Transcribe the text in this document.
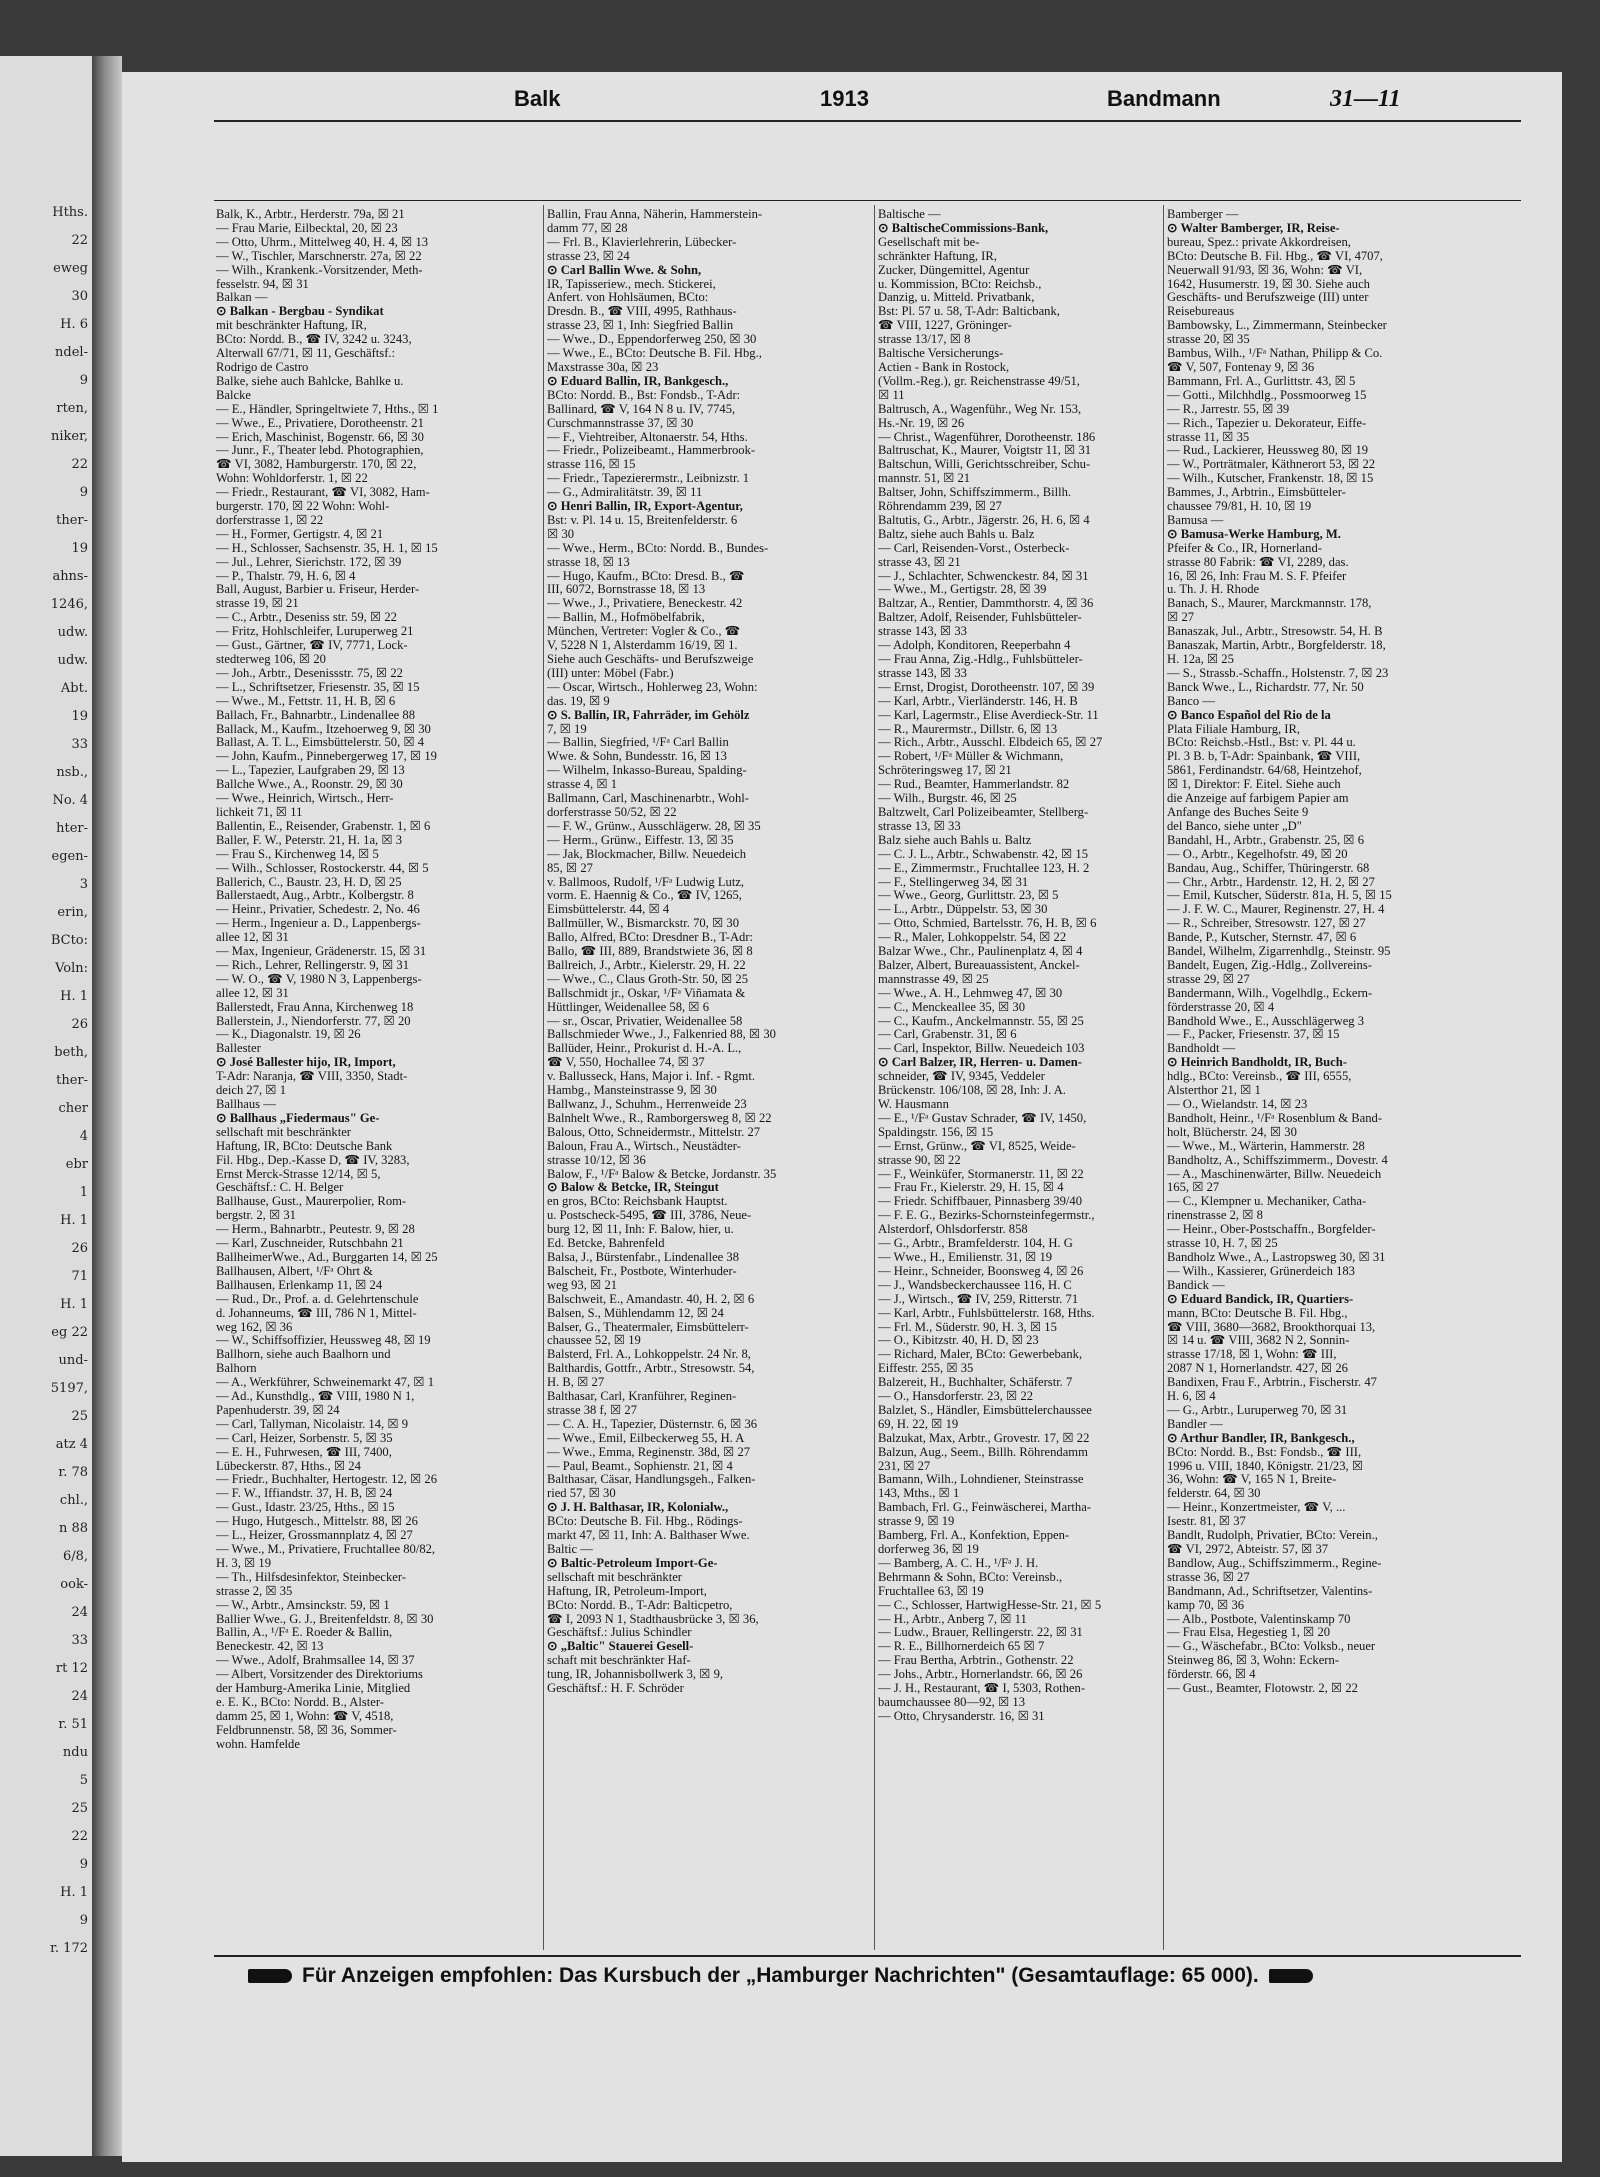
Hths.
22
eweg
30
H. 6
ndel-
9
rten,
niker,
22
9
ther-
19
ahns-
1246,
udw.
udw.
Abt.
19
33
nsb.,
No. 4
hter-
egen-
3
erin,
BCto:
Voln:
H. 1
26
beth,
ther-
cher
4
ebr
1
H. 1
26
71
H. 1
eg 22
und-
5197,
25
atz 4
r. 78
chl.,
n 88
6/8,
ook-
24
33
rt 12
24
r. 51
ndu
5
25
22
9
H. 1
9
r. 172
Balk	1913	Bandmann	31—11
Balk, K., Arbtr., Herderstr. 79a, ☒ 21
— Frau Marie, Eilbecktal, 20, ☒ 23
— Otto, Uhrm., Mittelweg 40, H. 4, ☒ 13
— W., Tischler, Marschnerstr. 27a, ☒ 22
— Wilh., Krankenk.-Vorsitzender, Meth-
fesselstr. 94, ☒ 31
Balkan —
⊙ Balkan - Bergbau - Syndikat
mit beschränkter Haftung, IR,
BCto: Nordd. B., ☎ IV, 3242 u. 3243,
Alterwall 67/71, ☒ 11, Geschäftsf.:
Rodrigo de Castro
Balke, siehe auch Bahlcke, Bahlke u.
Balcke
— E., Händler, Springeltwiete 7, Hths., ☒ 1
— Wwe., E., Privatiere, Dorotheenstr. 21
— Erich, Maschinist, Bogenstr. 66, ☒ 30
— Junr., F., Theater lebd. Photographien,
☎ VI, 3082, Hamburgerstr. 170, ☒ 22,
Wohn: Wohldorferstr. 1, ☒ 22
— Friedr., Restaurant, ☎ VI, 3082, Ham-
burgerstr. 170, ☒ 22 Wohn: Wohl-
dorferstrasse 1, ☒ 22
— H., Former, Gertigstr. 4, ☒ 21
— H., Schlosser, Sachsenstr. 35, H. 1, ☒ 15
— Jul., Lehrer, Sierichstr. 172, ☒ 39
— P., Thalstr. 79, H. 6, ☒ 4
Ball, August, Barbier u. Friseur, Herder-
strasse 19, ☒ 21
— C., Arbtr., Deseniss str. 59, ☒ 22
— Fritz, Hohlschleifer, Luruperweg 21
— Gust., Gärtner, ☎ IV, 7771, Lock-
stedterweg 106, ☒ 20
— Joh., Arbtr., Desenissstr. 75, ☒ 22
— L., Schriftsetzer, Friesenstr. 35, ☒ 15
— Wwe., M., Fettstr. 11, H. B, ☒ 6
Ballach, Fr., Bahnarbtr., Lindenallee 88
Ballack, M., Kaufm., Itzehoerweg 9, ☒ 30
Ballast, A. T. L., Eimsbüttelerstr. 50, ☒ 4
— John, Kaufm., Pinnebergerweg 17, ☒ 19
— L., Tapezier, Laufgraben 29, ☒ 13
Ballche Wwe., A., Roonstr. 29, ☒ 30
— Wwe., Heinrich, Wirtsch., Herr-
lichkeit 71, ☒ 11
Ballentin, E., Reisender, Grabenstr. 1, ☒ 6
Baller, F. W., Peterstr. 21, H. 1a, ☒ 3
— Frau S., Kirchenweg 14, ☒ 5
— Wilh., Schlosser, Rostockerstr. 44, ☒ 5
Ballerich, C., Baustr. 23, H. D, ☒ 25
Ballerstaedt, Aug., Arbtr., Kolbergstr. 8
— Heinr., Privatier, Schedestr. 2, No. 46
— Herm., Ingenieur a. D., Lappenbergs-
allee 12, ☒ 31
— Max, Ingenieur, Grädenerstr. 15, ☒ 31
— Rich., Lehrer, Rellingerstr. 9, ☒ 31
— W. O., ☎ V, 1980 N 3, Lappenbergs-
allee 12, ☒ 31
Ballerstedt, Frau Anna, Kirchenweg 18
Ballerstein, J., Niendorferstr. 77, ☒ 20
— K., Diagonalstr. 19, ☒ 26
Ballester
⊙ José Ballester hijo, IR, Import,
T-Adr: Naranja, ☎ VIII, 3350, Stadt-
deich 27, ☒ 1
Ballhaus —
⊙ Ballhaus „Fiedermaus" Ge-
sellschaft mit beschränkter
Haftung, IR, BCto: Deutsche Bank
Fil. Hbg., Dep.-Kasse D, ☎ IV, 3283,
Ernst Merck-Strasse 12/14, ☒ 5,
Geschäftsf.: C. H. Belger
Ballhause, Gust., Maurerpolier, Rom-
bergstr. 2, ☒ 31
— Herm., Bahnarbtr., Peutestr. 9, ☒ 28
— Karl, Zuschneider, Rutschbahn 21
BallheimerWwe., Ad., Burggarten 14, ☒ 25
Ballhausen, Albert, ¹/Fᵃ Ohrt &
Ballhausen, Erlenkamp 11, ☒ 24
— Rud., Dr., Prof. a. d. Gelehrtenschule
d. Johanneums, ☎ III, 786 N 1, Mittel-
weg 162, ☒ 36
— W., Schiffsoffizier, Heussweg 48, ☒ 19
Ballhorn, siehe auch Baalhorn und
Balhorn
— A., Werkführer, Schweinemarkt 47, ☒ 1
— Ad., Kunsthdlg., ☎ VIII, 1980 N 1,
Papenhuderstr. 39, ☒ 24
— Carl, Tallyman, Nicolaistr. 14, ☒ 9
— Carl, Heizer, Sorbenstr. 5, ☒ 35
— E. H., Fuhrwesen, ☎ III, 7400,
Lübeckerstr. 87, Hths., ☒ 24
— Friedr., Buchhalter, Hertogestr. 12, ☒ 26
— F. W., Iffiandstr. 37, H. B, ☒ 24
— Gust., Idastr. 23/25, Hths., ☒ 15
— Hugo, Hutgesch., Mittelstr. 88, ☒ 26
— L., Heizer, Grossmannplatz 4, ☒ 27
— Wwe., M., Privatiere, Fruchtallee 80/82,
H. 3, ☒ 19
— Th., Hilfsdesinfektor, Steinbecker-
strasse 2, ☒ 35
— W., Arbtr., Amsinckstr. 59, ☒ 1
Ballier Wwe., G. J., Breitenfeldstr. 8, ☒ 30
Ballin, A., ¹/Fᵃ E. Roeder & Ballin,
Beneckestr. 42, ☒ 13
— Wwe., Adolf, Brahmsallee 14, ☒ 37
— Albert, Vorsitzender des Direktoriums
der Hamburg-Amerika Linie, Mitglied
e. E. K., BCto: Nordd. B., Alster-
damm 25, ☒ 1, Wohn: ☎ V, 4518,
Feldbrunnenstr. 58, ☒ 36, Sommer-
wohn. Hamfelde
Ballin, Frau Anna, Näherin, Hammerstein-
damm 77, ☒ 28
— Frl. B., Klavierlehrerin, Lübecker-
strasse 23, ☒ 24
⊙ Carl Ballin Wwe. & Sohn,
IR, Tapisseriew., mech. Stickerei,
Anfert. von Hohlsäumen, BCto:
Dresdn. B., ☎ VIII, 4995, Rathhaus-
strasse 23, ☒ 1, Inh: Siegfried Ballin
— Wwe., D., Eppendorferweg 250, ☒ 30
— Wwe., E., BCto: Deutsche B. Fil. Hbg.,
Maxstrasse 30a, ☒ 23
⊙ Eduard Ballin, IR, Bankgesch.,
BCto: Nordd. B., Bst: Fondsb., T-Adr:
Ballinard, ☎ V, 164 N 8 u. IV, 7745,
Curschmannstrasse 37, ☒ 30
— F., Viehtreiber, Altonaerstr. 54, Hths.
— Friedr., Polizeibeamt., Hammerbrook-
strasse 116, ☒ 15
— Friedr., Tapezierermstr., Leibnizstr. 1
— G., Admiralitätstr. 39, ☒ 11
⊙ Henri Ballin, IR, Export-Agentur,
Bst: v. Pl. 14 u. 15, Breitenfelderstr. 6
☒ 30
— Wwe., Herm., BCto: Nordd. B., Bundes-
strasse 18, ☒ 13
— Hugo, Kaufm., BCto: Dresd. B., ☎
III, 6072, Bornstrasse 18, ☒ 13
— Wwe., J., Privatiere, Beneckestr. 42
— Ballin, M., Hofmöbelfabrik,
München, Vertreter: Vogler & Co., ☎
V, 5228 N 1, Alsterdamm 16/19, ☒ 1.
Siehe auch Geschäfts- und Berufszweige
(III) unter: Möbel (Fabr.)
— Oscar, Wirtsch., Hohlerweg 23, Wohn:
das. 19, ☒ 9
⊙ S. Ballin, IR, Fahrräder, im Gehölz
7, ☒ 19
— Ballin, Siegfried, ¹/Fᵃ Carl Ballin
Wwe. & Sohn, Bundesstr. 16, ☒ 13
— Wilhelm, Inkasso-Bureau, Spalding-
strasse 4, ☒ 1
Ballmann, Carl, Maschinenarbtr., Wohl-
dorferstrasse 50/52, ☒ 22
— F. W., Grünw., Ausschlägerw. 28, ☒ 35
— Herm., Grünw., Eiffestr. 13, ☒ 35
— Jak, Blockmacher, Billw. Neuedeich
85, ☒ 27
v. Ballmoos, Rudolf, ¹/Fᵃ Ludwig Lutz,
vorm. E. Haennig & Co., ☎ IV, 1265,
Eimsbüttelerstr. 44, ☒ 4
Ballmüller, W., Bismarckstr. 70, ☒ 30
Ballo, Alfred, BCto: Dresdner B., T-Adr:
Ballo, ☎ III, 889, Brandstwiete 36, ☒ 8
Ballreich, J., Arbtr., Kielerstr. 29, H. 22
— Wwe., C., Claus Groth-Str. 50, ☒ 25
Ballschmidt jr., Oskar, ¹/Fᵃ Viñamata &
Hüttlinger, Weidenallee 58, ☒ 6
— sr., Oscar, Privatier, Weidenallee 58
Ballschmieder Wwe., J., Falkenried 88, ☒ 30
Ballüder, Heinr., Prokurist d. H.-A. L.,
☎ V, 550, Hochallee 74, ☒ 37
v. Ballusseck, Hans, Major i. Inf. - Rgmt.
Hambg., Mansteinstrasse 9, ☒ 30
Ballwanz, J., Schuhm., Herrenweide 23
Balnhelt Wwe., R., Ramborgersweg 8, ☒ 22
Balous, Otto, Schneidermstr., Mittelstr. 27
Baloun, Frau A., Wirtsch., Neustädter-
strasse 10/12, ☒ 36
Balow, F., ¹/Fᵃ Balow & Betcke, Jordanstr. 35
⊙ Balow & Betcke, IR, Steingut
en gros, BCto: Reichsbank Hauptst.
u. Postscheck-5495, ☎ III, 3786, Neue-
burg 12, ☒ 11, Inh: F. Balow, hier, u.
Ed. Betcke, Bahrenfeld
Balsa, J., Bürstenfabr., Lindenallee 38
Balscheit, Fr., Postbote, Winterhuder-
weg 93, ☒ 21
Balschweit, E., Amandastr. 40, H. 2, ☒ 6
Balsen, S., Mühlendamm 12, ☒ 24
Balser, G., Theatermaler, Eimsbüttelerr-
chaussee 52, ☒ 19
Balsterd, Frl. A., Lohkoppelstr. 24 Nr. 8,
Balthardis, Gottfr., Arbtr., Stresowstr. 54,
H. B, ☒ 27
Balthasar, Carl, Kranführer, Reginen-
strasse 38 f, ☒ 27
— C. A. H., Tapezier, Düsternstr. 6, ☒ 36
— Wwe., Emil, Eilbeckerweg 55, H. A
— Wwe., Emma, Reginenstr. 38d, ☒ 27
— Paul, Beamt., Sophienstr. 21, ☒ 4
Balthasar, Cäsar, Handlungsgeh., Falken-
ried 57, ☒ 30
⊙ J. H. Balthasar, IR, Kolonialw.,
BCto: Deutsche B. Fil. Hbg., Rödings-
markt 47, ☒ 11, Inh: A. Balthaser Wwe.
Baltic —
⊙ Baltic-Petroleum Import-Ge-
sellschaft mit beschränkter
Haftung, IR, Petroleum-Import,
BCto: Nordd. B., T-Adr: Balticpetro,
☎ I, 2093 N 1, Stadthausbrücke 3, ☒ 36,
Geschäftsf.: Julius Schindler
⊙ „Baltic" Stauerei Gesell-
schaft mit beschränkter Haf-
tung, IR, Johannisbollwerk 3, ☒ 9,
Geschäftsf.: H. F. Schröder
Baltische —
⊙ BaltischeCommissions-Bank,
Gesellschaft mit be-
schränkter Haftung, IR,
Zucker, Düngemittel, Agentur
u. Kommission, BCto: Reichsb.,
Danzig, u. Mitteld. Privatbank,
Bst: Pl. 57 u. 58, T-Adr: Balticbank,
☎ VIII, 1227, Gröninger-
strasse 13/17, ☒ 8
Baltische Versicherungs-
Actien - Bank in Rostock,
(Vollm.-Reg.), gr. Reichenstrasse 49/51,
☒ 11
Baltrusch, A., Wagenführ., Weg Nr. 153,
Hs.-Nr. 19, ☒ 26
— Christ., Wagenführer, Dorotheenstr. 186
Baltruschat, K., Maurer, Voigtstr 11, ☒ 31
Baltschun, Willi, Gerichtsschreiber, Schu-
mannstr. 51, ☒ 21
Baltser, John, Schiffszimmerm., Billh.
Röhrendamm 239, ☒ 27
Baltutis, G., Arbtr., Jägerstr. 26, H. 6, ☒ 4
Baltz, siehe auch Bahls u. Balz
— Carl, Reisenden-Vorst., Osterbeck-
strasse 43, ☒ 21
— J., Schlachter, Schwenckestr. 84, ☒ 31
— Wwe., M., Gertigstr. 28, ☒ 39
Baltzar, A., Rentier, Dammthorstr. 4, ☒ 36
Baltzer, Adolf, Reisender, Fuhlsbütteler-
strasse 143, ☒ 33
— Adolph, Konditoren, Reeperbahn 4
— Frau Anna, Zig.-Hdlg., Fuhlsbütteler-
strasse 143, ☒ 33
— Ernst, Drogist, Dorotheenstr. 107, ☒ 39
— Karl, Arbtr., Vierländerstr. 146, H. B
— Karl, Lagermstr., Elise Averdieck-Str. 11
— R., Maurermstr., Dillstr. 6, ☒ 13
— Rich., Arbtr., Ausschl. Elbdeich 65, ☒ 27
— Robert, ¹/Fᵃ Müller & Wichmann,
Schröteringsweg 17, ☒ 21
— Rud., Beamter, Hammerlandstr. 82
— Wilh., Burgstr. 46, ☒ 25
Baltzwelt, Carl Polizeibeamter, Stellberg-
strasse 13, ☒ 33
Balz siehe auch Bahls u. Baltz
— C. J. L., Arbtr., Schwabenstr. 42, ☒ 15
— E., Zimmermstr., Fruchtallee 123, H. 2
— F., Stellingerweg 34, ☒ 31
— Wwe., Georg, Gurlittstr. 23, ☒ 5
— L., Arbtr., Düppelstr. 53, ☒ 30
— Otto, Schmied, Bartelsstr. 76, H. B, ☒ 6
— R., Maler, Lohkoppelstr. 54, ☒ 22
Balzar Wwe., Chr., Paulinenplatz 4, ☒ 4
Balzer, Albert, Bureauassistent, Anckel-
mannstrasse 49, ☒ 25
— Wwe., A. H., Lehmweg 47, ☒ 30
— C., Menckeallee 35, ☒ 30
— C., Kaufm., Anckelmannstr. 55, ☒ 25
— Carl, Grabenstr. 31, ☒ 6
— Carl, Inspektor, Billw. Neuedeich 103
⊙ Carl Balzer, IR, Herren- u. Damen-
schneider, ☎ IV, 9345, Veddeler
Brückenstr. 106/108, ☒ 28, Inh: J. A.
W. Hausmann
— E., ¹/Fᵃ Gustav Schrader, ☎ IV, 1450,
Spaldingstr. 156, ☒ 15
— Ernst, Grünw., ☎ VI, 8525, Weide-
strasse 90, ☒ 22
— F., Weinküfer, Stormanerstr. 11, ☒ 22
— Frau Fr., Kielerstr. 29, H. 15, ☒ 4
— Friedr. Schiffbauer, Pinnasberg 39/40
— F. E. G., Bezirks-Schornsteinfegermstr.,
Alsterdorf, Ohlsdorferstr. 858
— G., Arbtr., Bramfelderstr. 104, H. G
— Wwe., H., Emilienstr. 31, ☒ 19
— Heinr., Schneider, Boonsweg 4, ☒ 26
— J., Wandsbeckerchaussee 116, H. C
— J., Wirtsch., ☎ IV, 259, Ritterstr. 71
— Karl, Arbtr., Fuhlsbüttelerstr. 168, Hths.
— Frl. M., Süderstr. 90, H. 3, ☒ 15
— O., Kibitzstr. 40, H. D, ☒ 23
— Richard, Maler, BCto: Gewerbebank,
Eiffestr. 255, ☒ 35
Balzereit, H., Buchhalter, Schäferstr. 7
— O., Hansdorferstr. 23, ☒ 22
Balzlet, S., Händler, Eimsbüttelerchaussee
69, H. 22, ☒ 19
Balzukat, Max, Arbtr., Grovestr. 17, ☒ 22
Balzun, Aug., Seem., Billh. Röhrendamm
231, ☒ 27
Bamann, Wilh., Lohndiener, Steinstrasse
143, Mths., ☒ 1
Bambach, Frl. G., Feinwäscherei, Martha-
strasse 9, ☒ 19
Bamberg, Frl. A., Konfektion, Eppen-
dorferweg 36, ☒ 19
— Bamberg, A. C. H., ¹/Fᵃ J. H.
Behrmann & Sohn, BCto: Vereinsb.,
Fruchtallee 63, ☒ 19
— C., Schlosser, HartwigHesse-Str. 21, ☒ 5
— H., Arbtr., Anberg 7, ☒ 11
— Ludw., Brauer, Rellingerstr. 22, ☒ 31
— R. E., Billhornerdeich 65 ☒ 7
— Frau Bertha, Arbtrin., Gothenstr. 22
— Johs., Arbtr., Hornerlandstr. 66, ☒ 26
— J. H., Restaurant, ☎ I, 5303, Rothen-
baumchaussee 80—92, ☒ 13
— Otto, Chrysanderstr. 16, ☒ 31
Bamberger —
⊙ Walter Bamberger, IR, Reise-
bureau, Spez.: private Akkordreisen,
BCto: Deutsche B. Fil. Hbg., ☎ VI, 4707,
Neuerwall 91/93, ☒ 36, Wohn: ☎ VI,
1642, Husumerstr. 19, ☒ 30. Siehe auch
Geschäfts- und Berufszweige (III) unter
Reisebureaus
Bambowsky, L., Zimmermann, Steinbecker
strasse 20, ☒ 35
Bambus, Wilh., ¹/Fᵃ Nathan, Philipp & Co.
☎ V, 507, Fontenay 9, ☒ 36
Bammann, Frl. A., Gurlittstr. 43, ☒ 5
— Gotti., Milchhdlg., Possmoorweg 15
— R., Jarrestr. 55, ☒ 39
— Rich., Tapezier u. Dekorateur, Eiffe-
strasse 11, ☒ 35
— Rud., Lackierer, Heussweg 80, ☒ 19
— W., Porträtmaler, Käthnerort 53, ☒ 22
— Wilh., Kutscher, Frankenstr. 18, ☒ 15
Bammes, J., Arbtrin., Eimsbütteler-
chaussee 79/81, H. 10, ☒ 19
Bamusa —
⊙ Bamusa-Werke Hamburg, M.
Pfeifer & Co., IR, Hornerland-
strasse 80 Fabrik: ☎ VI, 2289, das.
16, ☒ 26, Inh: Frau M. S. F. Pfeifer
u. Th. J. H. Rhode
Banach, S., Maurer, Marckmannstr. 178,
☒ 27
Banaszak, Jul., Arbtr., Stresowstr. 54, H. B
Banaszak, Martin, Arbtr., Borgfelderstr. 18,
H. 12a, ☒ 25
— S., Strassb.-Schaffn., Holstenstr. 7, ☒ 23
Banck Wwe., L., Richardstr. 77, Nr. 50
Banco —
⊙ Banco Español del Rio de la
Plata Filiale Hamburg, IR,
BCto: Reichsb.-Hstl., Bst: v. Pl. 44 u.
Pl. 3 B. b, T-Adr: Spainbank, ☎ VIII,
5861, Ferdinandstr. 64/68, Heintzehof,
☒ 1, Direktor: F. Eitel. Siehe auch
die Anzeige auf farbigem Papier am
Anfange des Buches Seite 9
del Banco, siehe unter „D"
Bandahl, H., Arbtr., Grabenstr. 25, ☒ 6
— O., Arbtr., Kegelhofstr. 49, ☒ 20
Bandau, Aug., Schiffer, Thüringerstr. 68
— Chr., Arbtr., Hardenstr. 12, H. 2, ☒ 27
— Emil, Kutscher, Süderstr. 81a, H. 5, ☒ 15
— J. F. W. C., Maurer, Reginenstr. 27, H. 4
— R., Schreiber, Stresowstr. 127, ☒ 27
Bande, P., Kutscher, Sternstr. 47, ☒ 6
Bandel, Wilhelm, Zigarrenhdlg., Steinstr. 95
Bandelt, Eugen, Zig.-Hdlg., Zollvereins-
strasse 29, ☒ 27
Bandermann, Wilh., Vogelhdlg., Eckern-
förderstrasse 20, ☒ 4
Bandhold Wwe., E., Ausschlägerweg 3
— F., Packer, Friesenstr. 37, ☒ 15
Bandholdt —
⊙ Heinrich Bandholdt, IR, Buch-
hdlg., BCto: Vereinsb., ☎ III, 6555,
Alsterthor 21, ☒ 1
— O., Wielandstr. 14, ☒ 23
Bandholt, Heinr., ¹/Fᵃ Rosenblum & Band-
holt, Blücherstr. 24, ☒ 30
— Wwe., M., Wärterin, Hammerstr. 28
Bandholtz, A., Schiffszimmerm., Dovestr. 4
— A., Maschinenwärter, Billw. Neuedeich
165, ☒ 27
— C., Klempner u. Mechaniker, Catha-
rinenstrasse 2, ☒ 8
— Heinr., Ober-Postschaffn., Borgfelder-
strasse 10, H. 7, ☒ 25
Bandholz Wwe., A., Lastropsweg 30, ☒ 31
— Wilh., Kassierer, Grünerdeich 183
Bandick —
⊙ Eduard Bandick, IR, Quartiers-
mann, BCto: Deutsche B. Fil. Hbg.,
☎ VIII, 3680—3682, Brookthorquai 13,
☒ 14 u. ☎ VIII, 3682 N 2, Sonnin-
strasse 17/18, ☒ 1, Wohn: ☎ III,
2087 N 1, Hornerlandstr. 427, ☒ 26
Bandixen, Frau F., Arbtrin., Fischerstr. 47
H. 6, ☒ 4
— G., Arbtr., Luruperweg 70, ☒ 31
Bandler —
⊙ Arthur Bandler, IR, Bankgesch.,
BCto: Nordd. B., Bst: Fondsb., ☎ III,
1996 u. VIII, 1840, Königstr. 21/23, ☒
36, Wohn: ☎ V, 165 N 1, Breite-
felderstr. 64, ☒ 30
— Heinr., Konzertmeister, ☎ V, ...
Isestr. 81, ☒ 37
Bandlt, Rudolph, Privatier, BCto: Verein.,
☎ VI, 2972, Abteistr. 57, ☒ 37
Bandlow, Aug., Schiffszimmerm., Regine-
strasse 36, ☒ 27
Bandmann, Ad., Schriftsetzer, Valentins-
kamp 70, ☒ 36
— Alb., Postbote, Valentinskamp 70
— Frau Elsa, Hegestieg 1, ☒ 20
— G., Wäschefabr., BCto: Volksb., neuer
Steinweg 86, ☒ 3, Wohn: Eckern-
förderstr. 66, ☒ 4
— Gust., Beamter, Flotowstr. 2, ☒ 22
Für Anzeigen empfohlen: Das Kursbuch der „Hamburger Nachrichten" (Gesamtauflage: 65 000).
